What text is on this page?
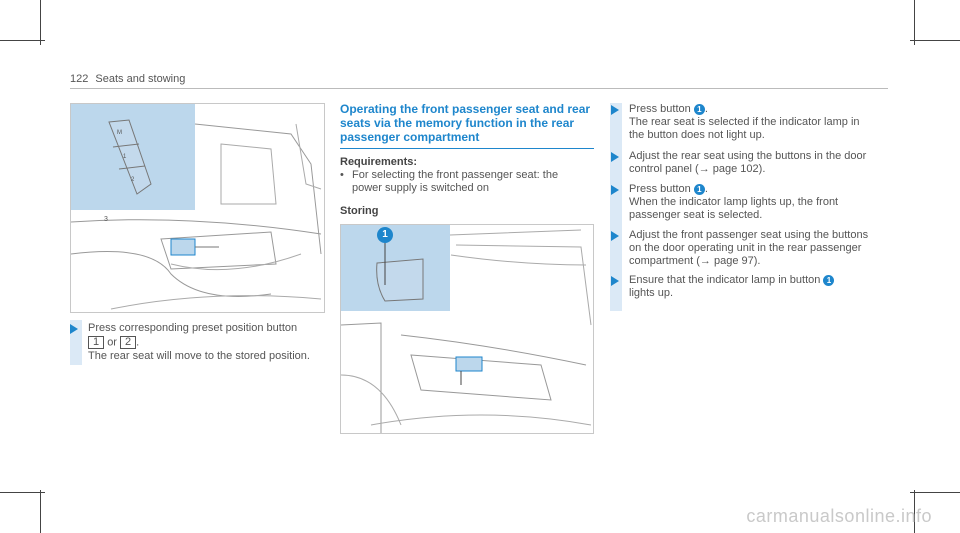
122 Seats and stowing
M
1
2
3
Press corresponding preset position button
1 or 2 .
The rear seat will move to the stored position.
Operating the front passenger seat and rear seats via the memory function in the rear passenger compartment
Requirements:
• For selecting the front passenger seat: the power supply is switched on
Storing
1
Press button 1 .
The rear seat is selected if the indicator lamp in the button does not light up.
Adjust the rear seat using the buttons in the door control panel (→ page 102).
Press button 1 .
When the indicator lamp lights up, the front passenger seat is selected.
Adjust the front passenger seat using the buttons on the door operating unit in the rear passenger compartment (→ page 97).
Ensure that the indicator lamp in button 1
lights up.
carmanualsonline.info
